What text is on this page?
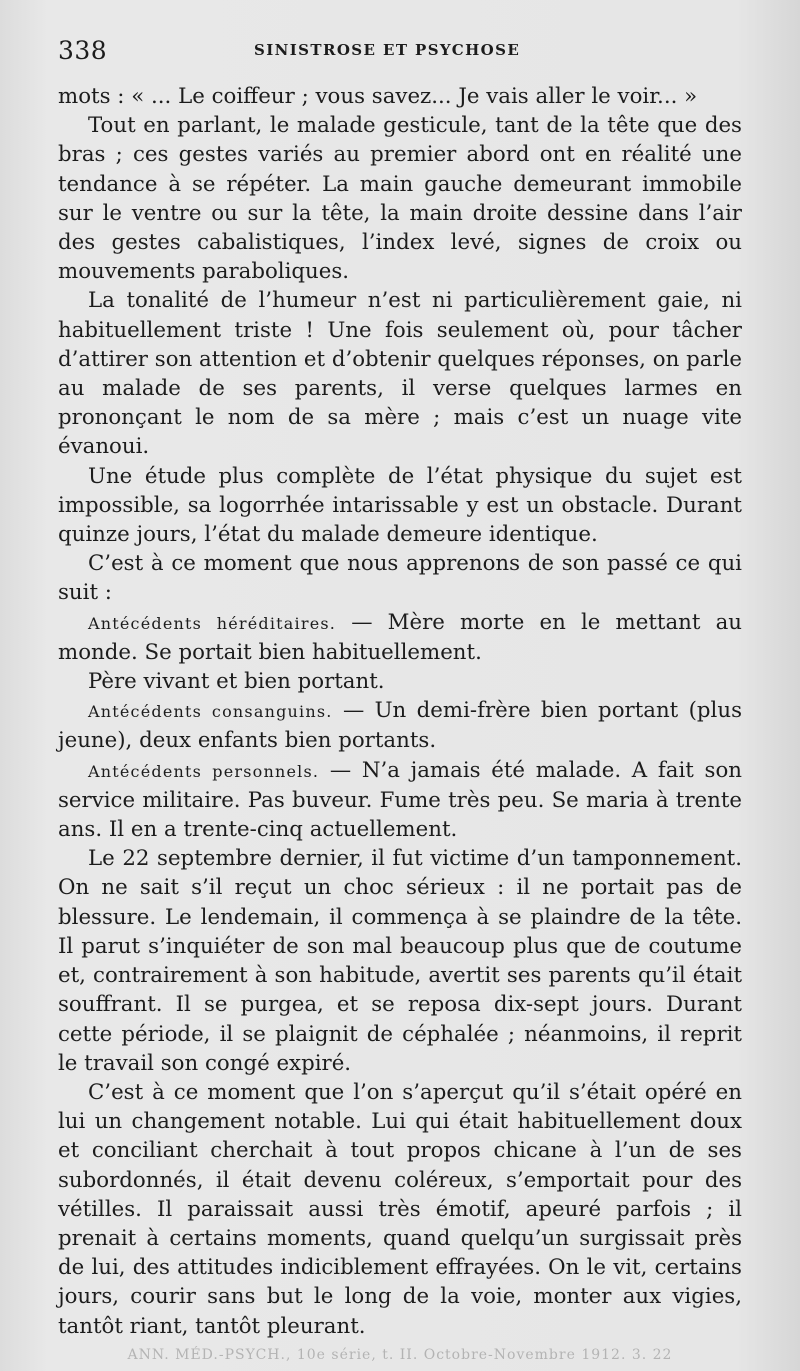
338	SINISTROSE ET PSYCHOSE

mots : « ... Le coiffeur ; vous savez... Je vais aller le voir... »

Tout en parlant, le malade gesticule, tant de la tête que des bras ; ces gestes variés au premier abord ont en réalité une tendance à se répéter. La main gauche demeurant immobile sur le ventre ou sur la tête, la main droite dessine dans l’air des gestes cabalistiques, l’index levé, signes de croix ou mouvements paraboliques.

La tonalité de l’humeur n’est ni particulièrement gaie, ni habituellement triste ! Une fois seulement où, pour tâcher d’attirer son attention et d’obtenir quelques réponses, on parle au malade de ses parents, il verse quelques larmes en prononçant le nom de sa mère ; mais c’est un nuage vite évanoui.

Une étude plus complète de l’état physique du sujet est impossible, sa logorrhée intarissable y est un obstacle. Durant quinze jours, l’état du malade demeure identique.

C’est à ce moment que nous apprenons de son passé ce qui suit :

Antécédents héréditaires. — Mère morte en le mettant au monde. Se portait bien habituellement.

Père vivant et bien portant.

Antécédents consanguins. — Un demi-frère bien portant (plus jeune), deux enfants bien portants.

Antécédents personnels. — N’a jamais été malade. A fait son service militaire. Pas buveur. Fume très peu. Se maria à trente ans. Il en a trente-cinq actuellement.

Le 22 septembre dernier, il fut victime d’un tamponnement. On ne sait s’il reçut un choc sérieux : il ne portait pas de blessure. Le lendemain, il commença à se plaindre de la tête. Il parut s’inquiéter de son mal beaucoup plus que de coutume et, contrairement à son habitude, avertit ses parents qu’il était souffrant. Il se purgea, et se reposa dix-sept jours. Durant cette période, il se plaignit de céphalée ; néanmoins, il reprit le travail son congé expiré.

C’est à ce moment que l’on s’aperçut qu’il s’était opéré en lui un changement notable. Lui qui était habituellement doux et conciliant cherchait à tout propos chicane à l’un de ses subordonnés, il était devenu coléreux, s’emportait pour des vétilles. Il paraissait aussi très émotif, apeuré parfois ; il prenait à certains moments, quand quelqu’un surgissait près de lui, des attitudes indiciblement effrayées. On le vit, certains jours, courir sans but le long de la voie, monter aux vigies, tantôt riant, tantôt pleurant.

ANN. MÉD.-PSYCH., 10e série, t. II. Octobre-Novembre 1912. 3. 22
